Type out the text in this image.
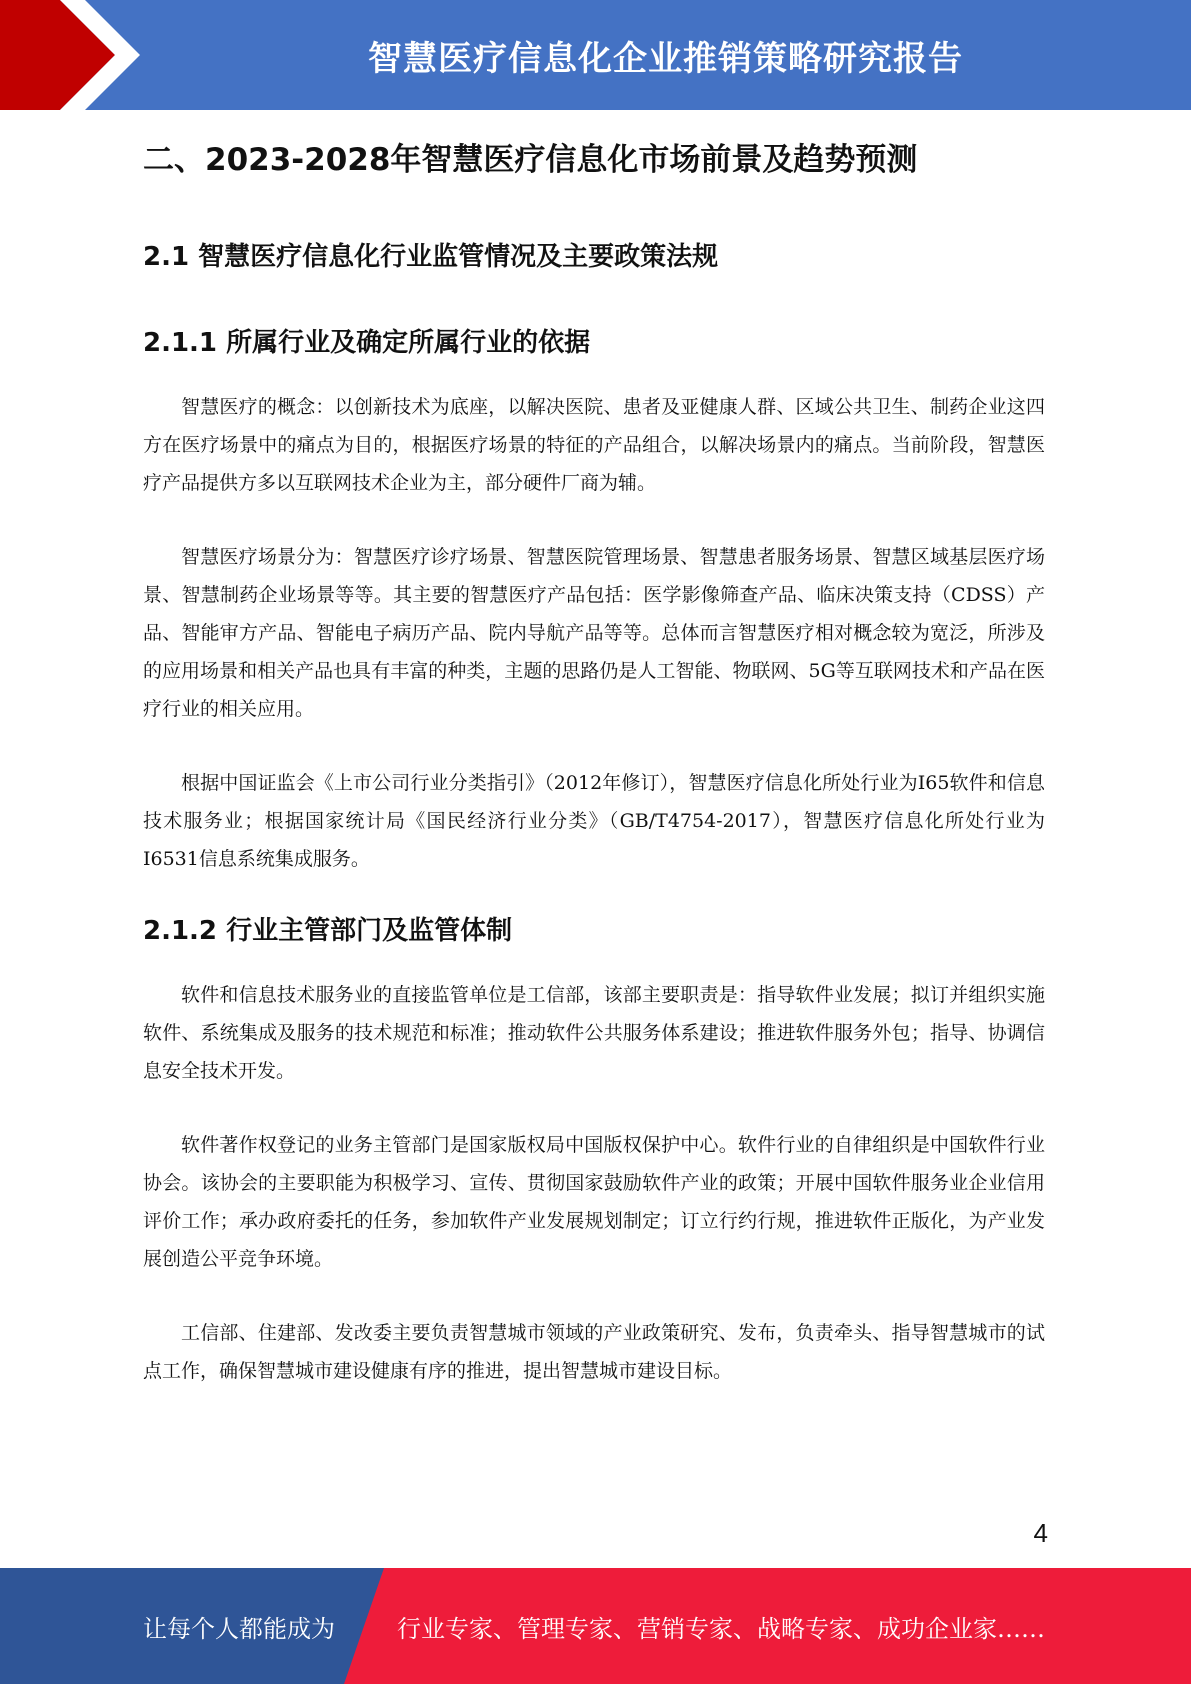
智慧医疗信息化企业推销策略研究报告
二、2023-2028年智慧医疗信息化市场前景及趋势预测
2.1 智慧医疗信息化行业监管情况及主要政策法规
2.1.1 所属行业及确定所属行业的依据

智慧医疗的概念：以创新技术为底座，以解决医院、患者及亚健康人群、区域公共卫生、制药企业这四方在医疗场景中的痛点为目的，根据医疗场景的特征的产品组合，以解决场景内的痛点。当前阶段，智慧医疗产品提供方多以互联网技术企业为主，部分硬件厂商为辅。

智慧医疗场景分为：智慧医疗诊疗场景、智慧医院管理场景、智慧患者服务场景、智慧区域基层医疗场景、智慧制药企业场景等等。其主要的智慧医疗产品包括：医学影像筛查产品、临床决策支持（CDSS）产品、智能审方产品、智能电子病历产品、院内导航产品等等。总体而言智慧医疗相对概念较为宽泛，所涉及的应用场景和相关产品也具有丰富的种类，主题的思路仍是人工智能、物联网、5G等互联网技术和产品在医疗行业的相关应用。

根据中国证监会《上市公司行业分类指引》（2012年修订），智慧医疗信息化所处行业为I65软件和信息技术服务业；根据国家统计局《国民经济行业分类》（GB/T4754-2017），智慧医疗信息化所处行业为I6531信息系统集成服务。

2.1.2 行业主管部门及监管体制

软件和信息技术服务业的直接监管单位是工信部，该部主要职责是：指导软件业发展；拟订并组织实施软件、系统集成及服务的技术规范和标准；推动软件公共服务体系建设；推进软件服务外包；指导、协调信息安全技术开发。

软件著作权登记的业务主管部门是国家版权局中国版权保护中心。软件行业的自律组织是中国软件行业协会。该协会的主要职能为积极学习、宣传、贯彻国家鼓励软件产业的政策；开展中国软件服务业企业信用评价工作；承办政府委托的任务，参加软件产业发展规划制定；订立行约行规，推进软件正版化，为产业发展创造公平竞争环境。

工信部、住建部、发改委主要负责智慧城市领域的产业政策研究、发布，负责牵头、指导智慧城市的试点工作，确保智慧城市建设健康有序的推进，提出智慧城市建设目标。

4
让每个人都能成为	行业专家、管理专家、营销专家、战略专家、成功企业家……
